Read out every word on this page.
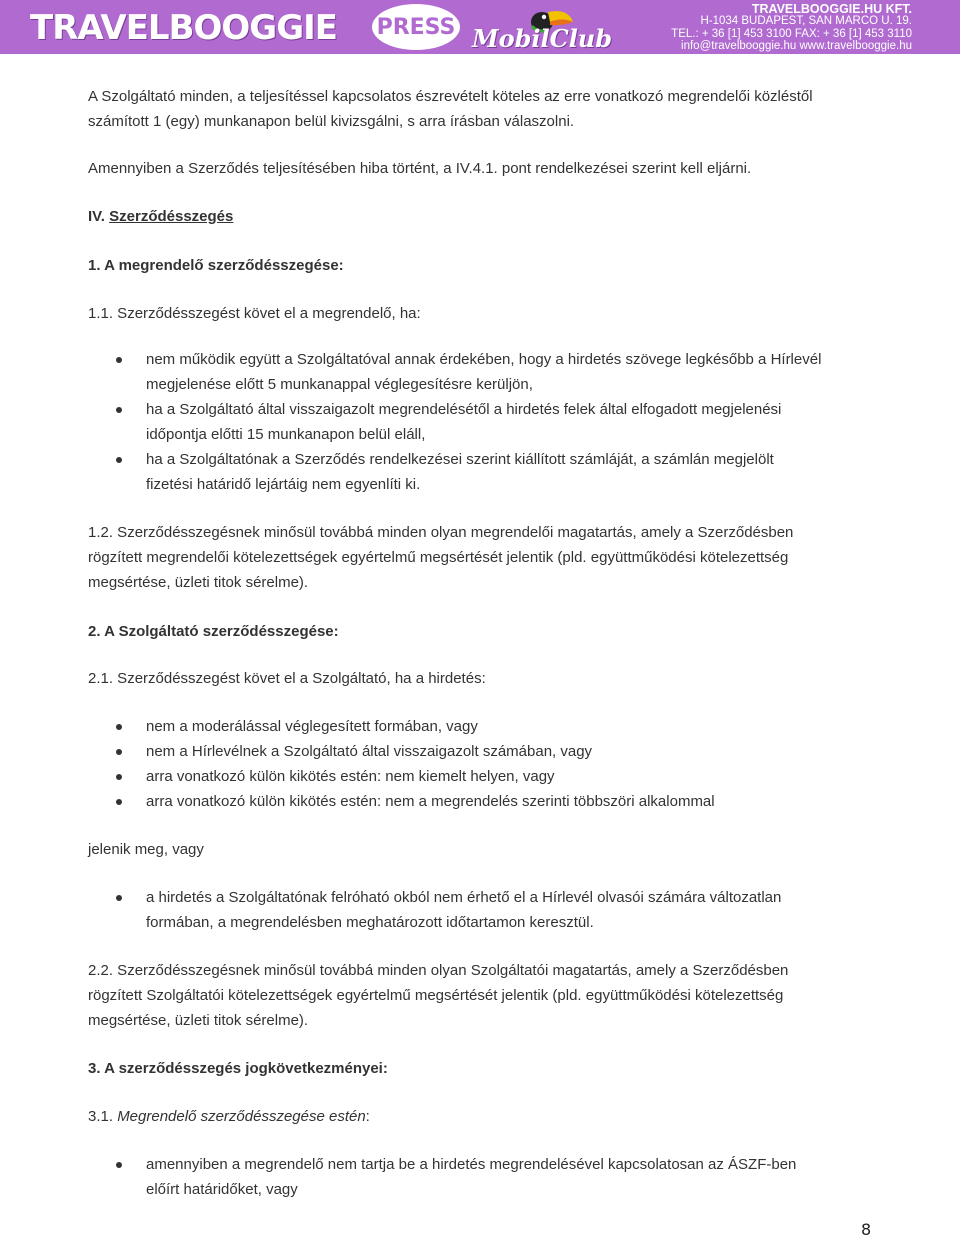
TRAVELBOOGGIE PRESS MobilClub
TRAVELBOOGGIE.HU KFT.
H-1034 BUDAPEST, SAN MARCO U. 19.
TEL.: + 36 [1] 453 3100 FAX: + 36 [1] 453 3110
info@travelbooggie.hu www.travelbooggie.hu
A Szolgáltató minden, a teljesítéssel kapcsolatos észrevételt köteles az erre vonatkozó megrendelői közléstől
számított 1 (egy) munkanapon belül kivizsgálni, s arra írásban válaszolni.
Amennyiben a Szerződés teljesítésében hiba történt, a IV.4.1. pont rendelkezései szerint kell eljárni.
IV. Szerződésszegés
1. A megrendelő szerződésszegése:
1.1. Szerződésszegést követ el a megrendelő, ha:
nem működik együtt a Szolgáltatóval annak érdekében, hogy a hirdetés szövege legkésőbb a Hírlevél
megjelenése előtt 5 munkanappal véglegesítésre kerüljön,
ha a Szolgáltató által visszaigazolt megrendelésétől a hirdetés felek által elfogadott megjelenési
időpontja előtti 15 munkanapon belül eláll,
ha a Szolgáltatónak a Szerződés rendelkezései szerint kiállított számláját, a számlán megjelölt
fizetési határidő lejártáig nem egyenlíti ki.
1.2. Szerződésszegésnek minősül továbbá minden olyan megrendelői magatartás, amely a Szerződésben
rögzített megrendelői kötelezettségek egyértelmű megsértését jelentik (pld. együttműködési kötelezettség
megsértése, üzleti titok sérelme).
2. A Szolgáltató szerződésszegése:
2.1. Szerződésszegést követ el a Szolgáltató, ha a hirdetés:
nem a moderálással véglegesített formában, vagy
nem a Hírlevélnek a Szolgáltató által visszaigazolt számában, vagy
arra vonatkozó külön kikötés estén: nem kiemelt helyen, vagy
arra vonatkozó külön kikötés estén: nem a megrendelés szerinti többszöri alkalommal
jelenik meg, vagy
a hirdetés a Szolgáltatónak felróható okból nem érhető el a Hírlevél olvasói számára változatlan
formában, a megrendelésben meghatározott időtartamon keresztül.
2.2. Szerződésszegésnek minősül továbbá minden olyan Szolgáltatói magatartás, amely a Szerződésben
rögzített Szolgáltatói kötelezettségek egyértelmű megsértését jelentik (pld. együttműködési kötelezettség
megsértése, üzleti titok sérelme).
3. A szerződésszegés jogkövetkezményei:
3.1. Megrendelő szerződésszegése estén:
amennyiben a megrendelő nem tartja be a hirdetés megrendelésével kapcsolatosan az ÁSZF-ben
előírt határidőket, vagy
8
